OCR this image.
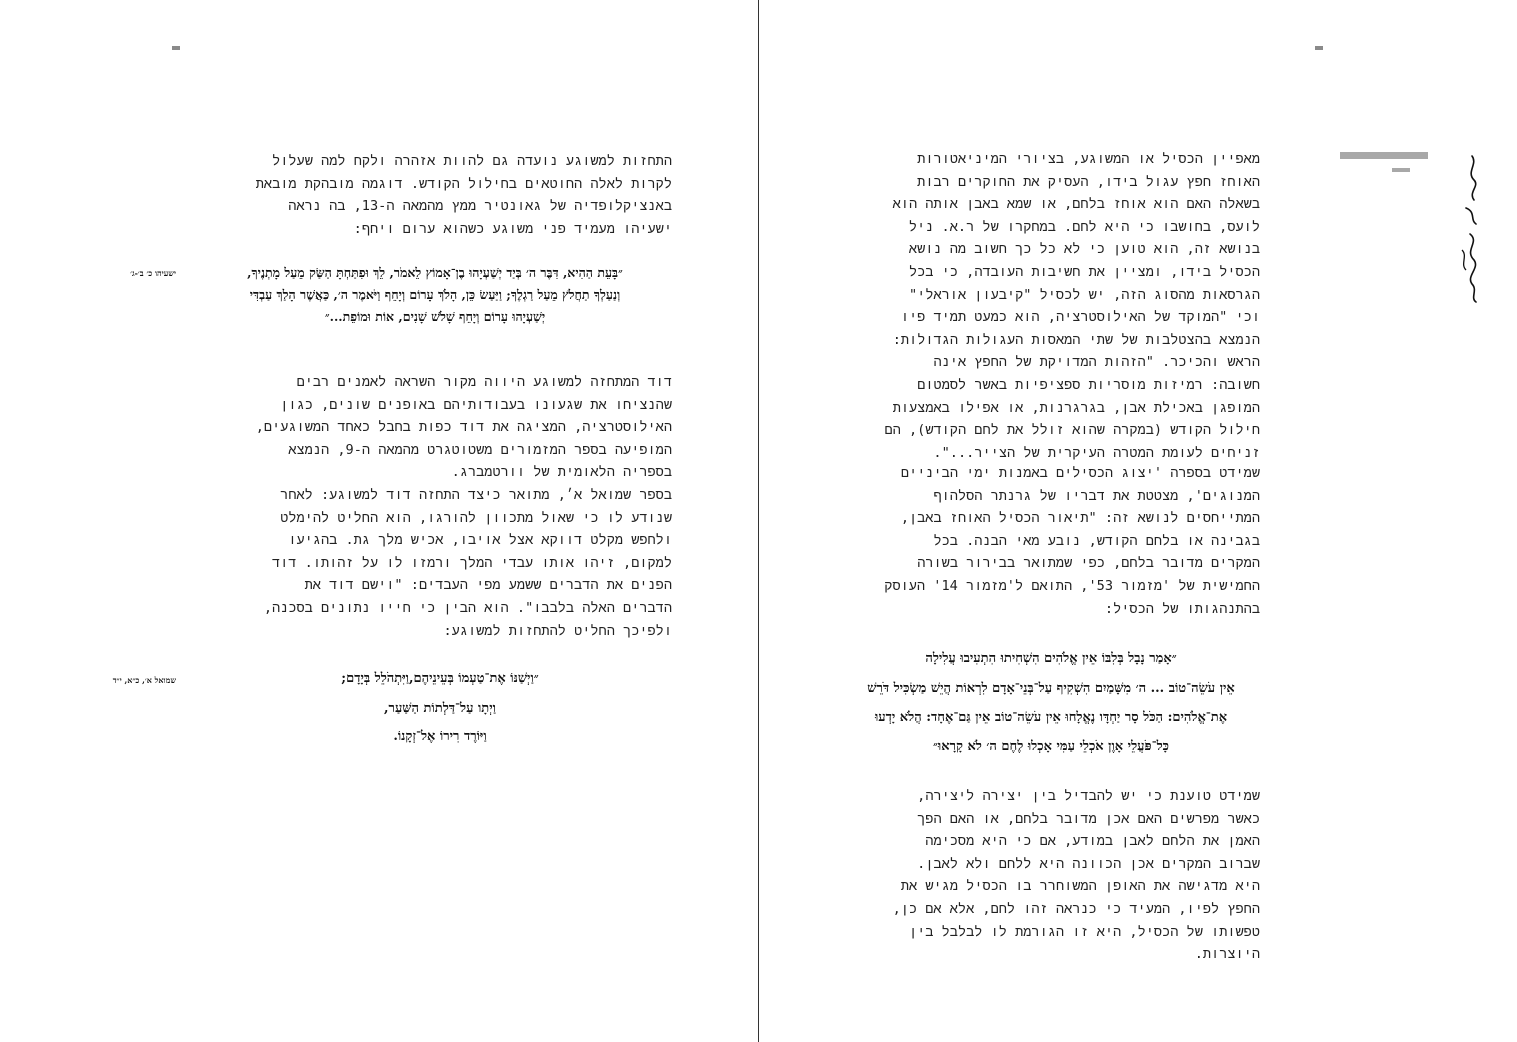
התחזות למשוגע נועדה גם להוות אזהרה ולקח למה שעלול
לקרות לאלה החוטאים בחילול הקודש. דוגמה מובהקת מובאת
באנציקלופדיה של גאונטיר ממץ מהמאה ה-13, בה נראה
ישעיהו מעמיד פני משוגע כשהוא ערום ויחף:

״בָּעֵת הַהִיא, דִּבֶּר ה׳ בְּיַד יְשַׁעְיָהוּ בֶן־אָמוֹץ לֵאמֹר, לֵךְ וּפִתַּחְתָּ הַשַּׂק מֵעַל מָתְנֶיךָ,
וְנַעַלְךָ תַחֲלֹץ מֵעַל רַגְלֶךָ; וַיַּעַשׂ כֵּן, הָלֹךְ עָרוֹם וְיָחֵף וַיֹּאמֶר ה׳, כַּאֲשֶׁר הָלַךְ עַבְדִּי
יְשַׁעְיָהוּ עָרוֹם וְיָחֵף שָׁלֹשׁ שָׁנִים, אוֹת וּמוֹפֵת...״

ישעיהו כ׳ ב׳-ג׳

דוד המתחזה למשוגע היווה מקור השראה לאמנים רבים
שהנציחו את שגעונו בעבודותיהם באופנים שונים, כגון
האילוסטרציה, המציגה את דוד כפות בחבל כאחד המשוגעים,
המופיעה בספר המזמורים משטוטגרט מהמאה ה-9, הנמצא
בספריה הלאומית של וורטמברג.

בספר שמואל א׳, מתואר כיצד התחזה דוד למשוגע: לאחר
שנודע לו כי שאול מתכוון להורגו, הוא החליט להימלט
ולחפש מקלט דווקא אצל אויבו, אכיש מלך גת. בהגיעו
למקום, זיהו אותו עבדי המלך ורמזו לו על זהותו. דוד
הפנים את הדברים ששמע מפי העבדים: "וישם דוד את
הדברים האלה בלבבו". הוא הבין כי חייו נתונים בסכנה,
ולפיכך החליט להתחזות למשוגע:

״וַיְשַׁנּוֹ אֶת־טַעְמוֹ בְּעֵינֵיהֶם,וַיִּתְהֹלֵל בְּיָדָם;

וַיְתָו עַל־דַּלְתוֹת הַשַּׁעַר,

וַיּוֹרֶד רִירוֹ אֶל־זְקָנוֹ.

שמואל א׳, כ״א, י״ד

מאפיין הכסיל או המשוגע, בציורי המיניאטורות
האוחז חפץ עגול בידו, העסיק את החוקרים רבות
בשאלה האם הוא אוחז בלחם, או שמא באבן אותה הוא
לועס, בחושבו כי היא לחם. במחקרו של ר.א. ניל
בנושא זה, הוא טוען כי לא כל כך חשוב מה נושא
הכסיל בידו, ומציין את חשיבות העובדה, כי בכל
הגרסאות מהסוג הזה, יש לכסיל "קיבעון אוראלי"
וכי "המוקד של האילוסטרציה, הוא כמעט תמיד פיו
הנמצא בהצטלבות של שתי המאסות העגולות הגדולות:
הראש והכיכר. "הזהות המדויקת של החפץ אינה
חשובה: רמיזות מוסריות ספציפיות באשר לסמטום
המופגן באכילת אבן, בגרגרנות, או אפילו באמצעות
חילול הקודש (במקרה שהוא זולל את לחם הקודש), הם
זניחים לעומת המטרה העיקרית של הצייר...".

שמידט בספרה 'יצוג הכסילים באמנות ימי הביניים
המנוגים', מצטטת את דבריו של גרנתר הסלהוף
המתייחסים לנושא זה: "תיאור הכסיל האוחז באבן,
בגבינה או בלחם הקודש, נובע מאי הבנה. בכל
המקרים מדובר בלחם, כפי שמתואר בבירור בשורה
החמישית של 'מזמור 53', התואם ל'מזמור 14' העוסק
בהתנהגותו של הכסיל:

״אָמַר נָבָל בְּלִבּוֹ אֵין אֱלֹהִים הִשְׁחִיתוּ הִתְעִיבוּ עֲלִילָה

אֵין עֹשֵׂה־טוֹב ... ה׳ מִשָּׁמַיִם הִשְׁקִיף עַל־בְּנֵי־אָדָם לִרְאוֹת הֲיֵשׁ מַשְׂכִּיל דֹּרֵשׁ

אֶת־אֱלֹהִים: הַכֹּל סָר יַחְדָּו נֶאֱלָחוּ אֵין עֹשֵׂה־טוֹב אֵין גַּם־אֶחָד: הֲלֹא יָדְעוּ

כָּל־פֹּעֲלֵי אָוֶן אֹכְלֵי עַמִּי אָכְלוּ לֶחֶם ה׳ לֹא קָרָאוּ״

שמידט טוענת כי יש להבדיל בין יצירה ליצירה,
כאשר מפרשים האם אכן מדובר בלחם, או האם הפך
האמן את הלחם לאבן במודע, אם כי היא מסכימה
שברוב המקרים אכן הכוונה היא ללחם ולא לאבן.
היא מדגישה את האופן המשוחרר בו הכסיל מגיש את
החפץ לפיו, המעיד כי כנראה זהו לחם, אלא אם כן,
טפשותו של הכסיל, היא זו הגורמת לו לבלבל בין
היוצרות.
